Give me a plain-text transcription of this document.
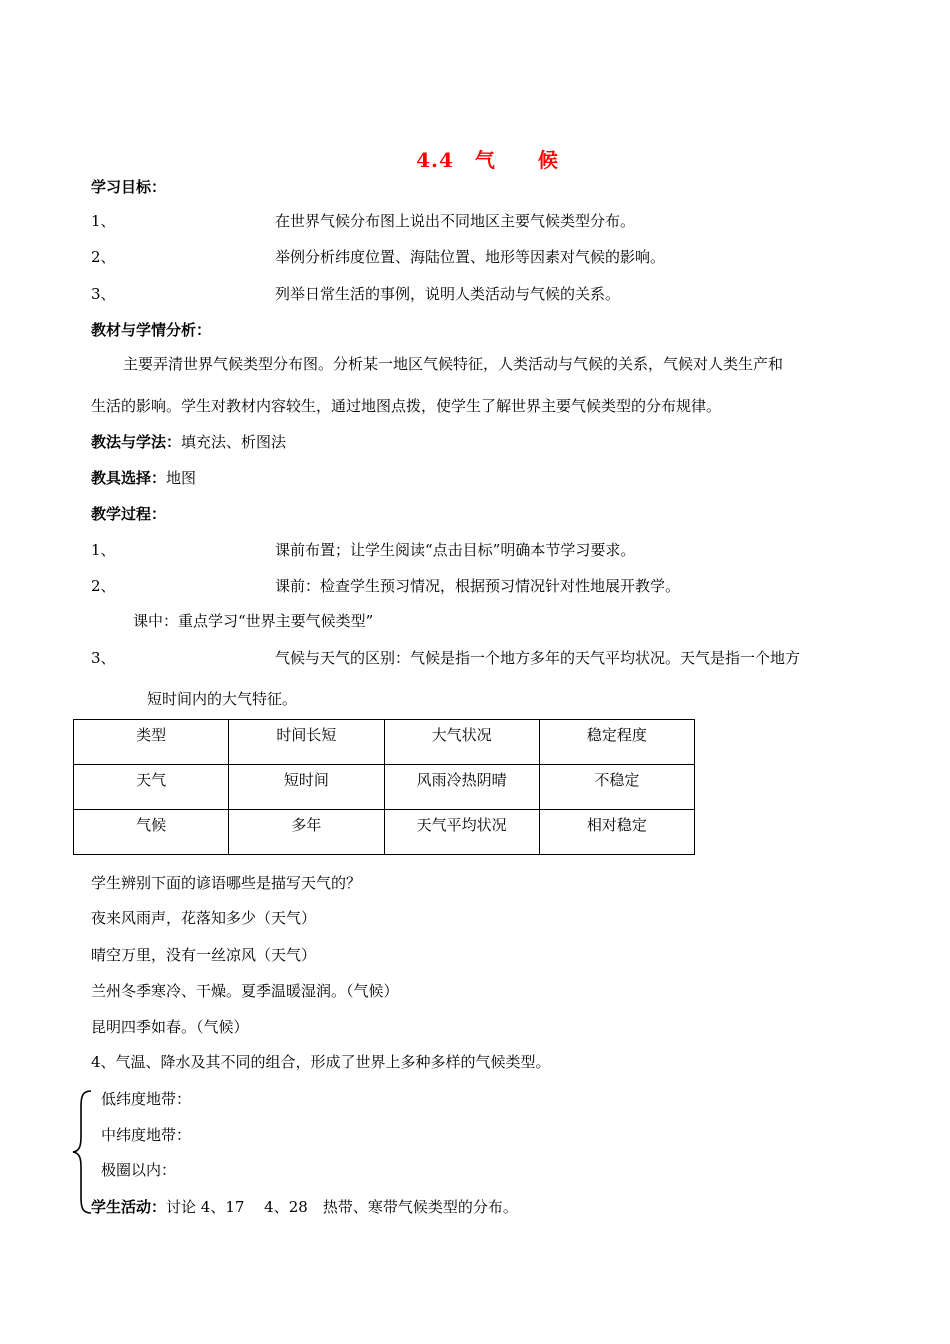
4.4　气　　候
学习目标：
1、	在世界气候分布图上说出不同地区主要气候类型分布。
2、	举例分析纬度位置、海陆位置、地形等因素对气候的影响。
3、	列举日常生活的事例，说明人类活动与气候的关系。
教材与学情分析：
主要弄清世界气候类型分布图。分析某一地区气候特征，人类活动与气候的关系，气候对人类生产和
生活的影响。学生对教材内容较生，通过地图点拨，使学生了解世界主要气候类型的分布规律。
教法与学法：填充法、析图法
教具选择：地图
教学过程：
1、	课前布置；让学生阅读“点击目标”明确本节学习要求。
2、	课前：检查学生预习情况，根据预习情况针对性地展开教学。
课中：重点学习“世界主要气候类型”
3、	气候与天气的区别：气候是指一个地方多年的天气平均状况。天气是指一个地方
短时间内的大气特征。
类型	时间长短	大气状况	稳定程度
天气	短时间	风雨冷热阴晴	不稳定
气候	多年	天气平均状况	相对稳定
学生辨别下面的谚语哪些是描写天气的？
夜来风雨声，花落知多少（天气）
晴空万里，没有一丝凉风（天气）
兰州冬季寒冷、干燥。夏季温暖湿润。（气候）
昆明四季如春。（气候）
4、气温、降水及其不同的组合，形成了世界上多种多样的气候类型。
低纬度地带：
中纬度地带：
极圈以内：
学生活动：讨论 4、17　 4、28　热带、寒带气候类型的分布。
